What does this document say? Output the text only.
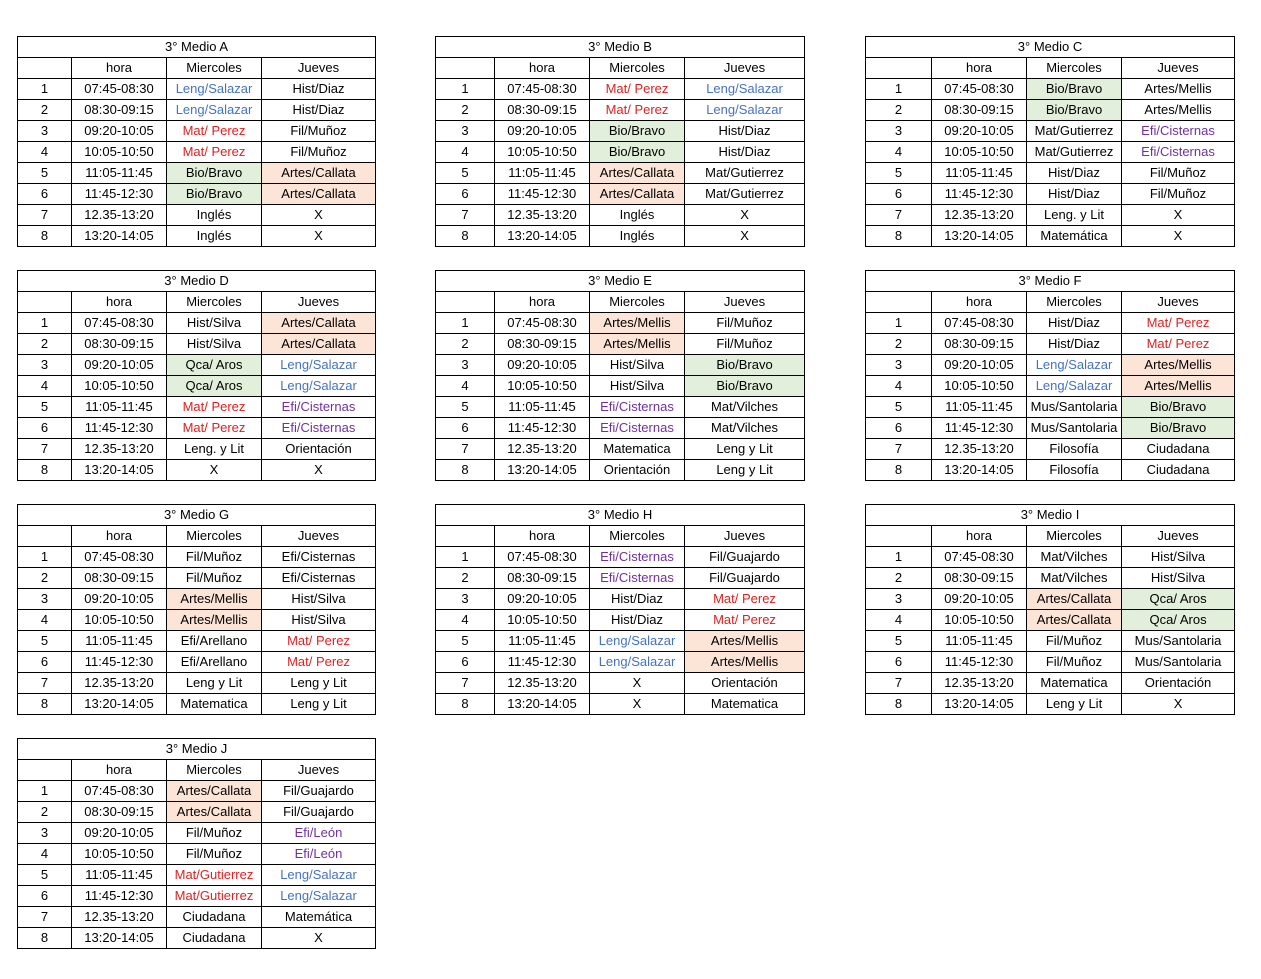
3° Medio A			
	hora	Miercoles	Jueves
1	07:45-08:30	Leng/Salazar	Hist/Diaz
2	08:30-09:15	Leng/Salazar	Hist/Diaz
3	09:20-10:05	Mat/ Perez	Fil/Muñoz
4	10:05-10:50	Mat/ Perez	Fil/Muñoz
5	11:05-11:45	Bio/Bravo	Artes/Callata
6	11:45-12:30	Bio/Bravo	Artes/Callata
7	12.35-13:20	Inglés	X
8	13:20-14:05	Inglés	X
3° Medio B			
	hora	Miercoles	Jueves
1	07:45-08:30	Mat/ Perez	Leng/Salazar
2	08:30-09:15	Mat/ Perez	Leng/Salazar
3	09:20-10:05	Bio/Bravo	Hist/Diaz
4	10:05-10:50	Bio/Bravo	Hist/Diaz
5	11:05-11:45	Artes/Callata	Mat/Gutierrez
6	11:45-12:30	Artes/Callata	Mat/Gutierrez
7	12.35-13:20	Inglés	X
8	13:20-14:05	Inglés	X
3° Medio C			
	hora	Miercoles	Jueves
1	07:45-08:30	Bio/Bravo	Artes/Mellis
2	08:30-09:15	Bio/Bravo	Artes/Mellis
3	09:20-10:05	Mat/Gutierrez	Efi/Cisternas
4	10:05-10:50	Mat/Gutierrez	Efi/Cisternas
5	11:05-11:45	Hist/Diaz	Fil/Muñoz
6	11:45-12:30	Hist/Diaz	Fil/Muñoz
7	12.35-13:20	Leng. y Lit	X
8	13:20-14:05	Matemática	X
3° Medio D			
	hora	Miercoles	Jueves
1	07:45-08:30	Hist/Silva	Artes/Callata
2	08:30-09:15	Hist/Silva	Artes/Callata
3	09:20-10:05	Qca/ Aros	Leng/Salazar
4	10:05-10:50	Qca/ Aros	Leng/Salazar
5	11:05-11:45	Mat/ Perez	Efi/Cisternas
6	11:45-12:30	Mat/ Perez	Efi/Cisternas
7	12.35-13:20	Leng. y Lit	Orientación
8	13:20-14:05	X	X
3° Medio E			
	hora	Miercoles	Jueves
1	07:45-08:30	Artes/Mellis	Fil/Muñoz
2	08:30-09:15	Artes/Mellis	Fil/Muñoz
3	09:20-10:05	Hist/Silva	Bio/Bravo
4	10:05-10:50	Hist/Silva	Bio/Bravo
5	11:05-11:45	Efi/Cisternas	Mat/Vilches
6	11:45-12:30	Efi/Cisternas	Mat/Vilches
7	12.35-13:20	Matematica	Leng y Lit
8	13:20-14:05	Orientación	Leng y Lit
3° Medio F			
	hora	Miercoles	Jueves
1	07:45-08:30	Hist/Diaz	Mat/ Perez
2	08:30-09:15	Hist/Diaz	Mat/ Perez
3	09:20-10:05	Leng/Salazar	Artes/Mellis
4	10:05-10:50	Leng/Salazar	Artes/Mellis
5	11:05-11:45	Mus/Santolaria	Bio/Bravo
6	11:45-12:30	Mus/Santolaria	Bio/Bravo
7	12.35-13:20	Filosofía	Ciudadana
8	13:20-14:05	Filosofía	Ciudadana
3° Medio G			
	hora	Miercoles	Jueves
1	07:45-08:30	Fil/Muñoz	Efi/Cisternas
2	08:30-09:15	Fil/Muñoz	Efi/Cisternas
3	09:20-10:05	Artes/Mellis	Hist/Silva
4	10:05-10:50	Artes/Mellis	Hist/Silva
5	11:05-11:45	Efi/Arellano	Mat/ Perez
6	11:45-12:30	Efi/Arellano	Mat/ Perez
7	12.35-13:20	Leng y Lit	Leng y Lit
8	13:20-14:05	Matematica	Leng y Lit
3° Medio H			
	hora	Miercoles	Jueves
1	07:45-08:30	Efi/Cisternas	Fil/Guajardo
2	08:30-09:15	Efi/Cisternas	Fil/Guajardo
3	09:20-10:05	Hist/Diaz	Mat/ Perez
4	10:05-10:50	Hist/Diaz	Mat/ Perez
5	11:05-11:45	Leng/Salazar	Artes/Mellis
6	11:45-12:30	Leng/Salazar	Artes/Mellis
7	12.35-13:20	X	Orientación
8	13:20-14:05	X	Matematica
3° Medio I			
	hora	Miercoles	Jueves
1	07:45-08:30	Mat/Vilches	Hist/Silva
2	08:30-09:15	Mat/Vilches	Hist/Silva
3	09:20-10:05	Artes/Callata	Qca/ Aros
4	10:05-10:50	Artes/Callata	Qca/ Aros
5	11:05-11:45	Fil/Muñoz	Mus/Santolaria
6	11:45-12:30	Fil/Muñoz	Mus/Santolaria
7	12.35-13:20	Matematica	Orientación
8	13:20-14:05	Leng y Lit	X
3° Medio J			
	hora	Miercoles	Jueves
1	07:45-08:30	Artes/Callata	Fil/Guajardo
2	08:30-09:15	Artes/Callata	Fil/Guajardo
3	09:20-10:05	Fil/Muñoz	Efi/León
4	10:05-10:50	Fil/Muñoz	Efi/León
5	11:05-11:45	Mat/Gutierrez	Leng/Salazar
6	11:45-12:30	Mat/Gutierrez	Leng/Salazar
7	12.35-13:20	Ciudadana	Matemática
8	13:20-14:05	Ciudadana	X
